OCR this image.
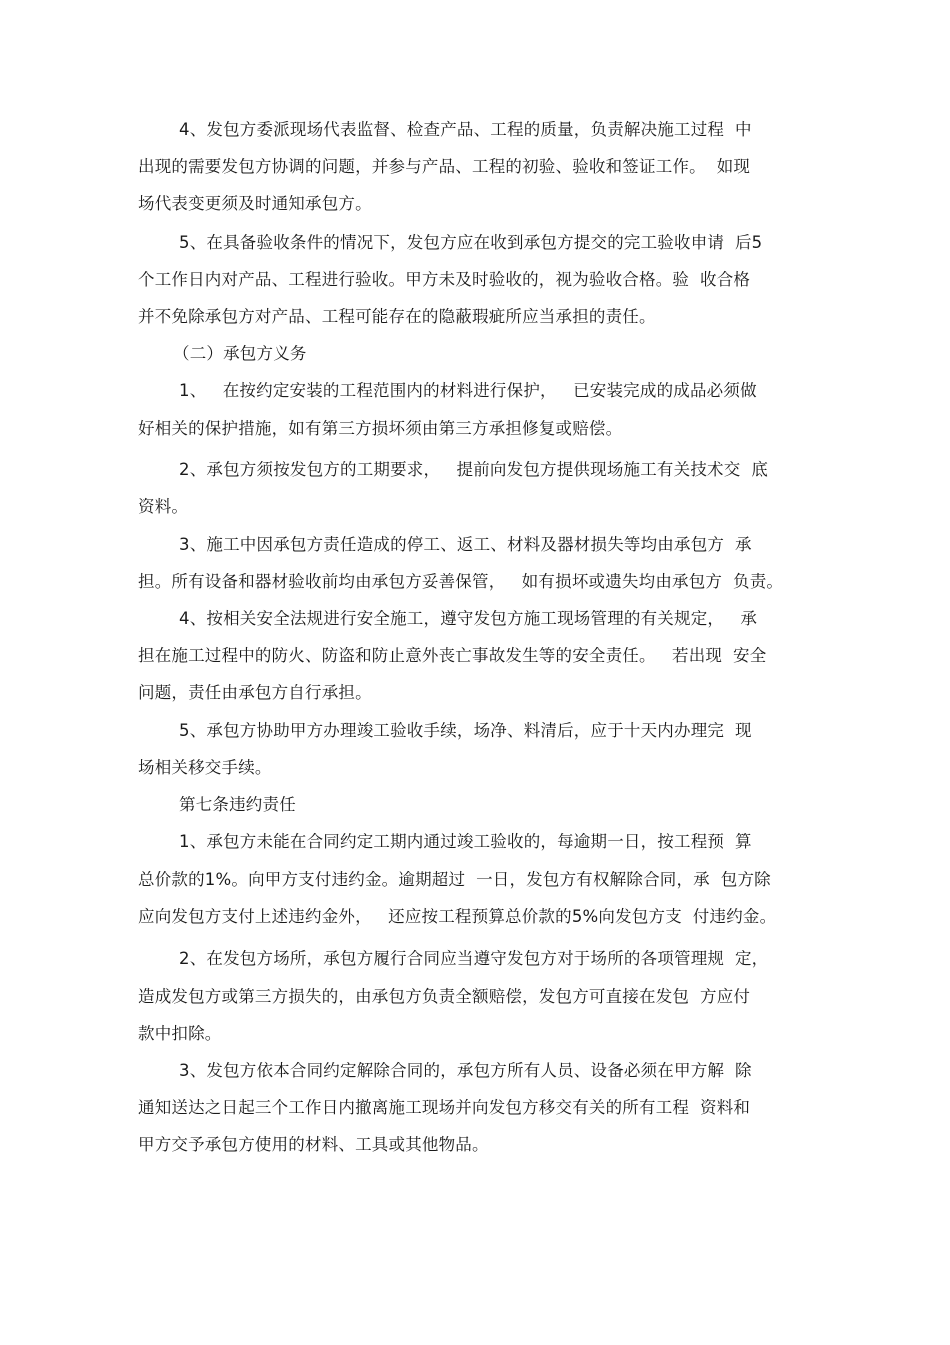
4、发包方委派现场代表监督、检查产品、工程的质量，负责解决施工过程  中
出现的需要发包方协调的问题，并参与产品、工程的初验、验收和签证工作。  如现
场代表变更须及时通知承包方。
5、在具备验收条件的情况下，发包方应在收到承包方提交的完工验收申请  后5
个工作日内对产品、工程进行验收。甲方未及时验收的，视为验收合格。验  收合格
并不免除承包方对产品、工程可能存在的隐蔽瑕疵所应当承担的责任。
（二）承包方义务
1、   在按约定安装的工程范围内的材料进行保护，   已安装完成的成品必须做
好相关的保护措施，如有第三方损坏须由第三方承担修复或赔偿。
2、承包方须按发包方的工期要求，   提前向发包方提供现场施工有关技术交  底
资料。
3、施工中因承包方责任造成的停工、返工、材料及器材损失等均由承包方  承
担。所有设备和器材验收前均由承包方妥善保管，   如有损坏或遗失均由承包方  负责。
4、按相关安全法规进行安全施工，遵守发包方施工现场管理的有关规定，   承
担在施工过程中的防火、防盗和防止意外丧亡事故发生等的安全责任。   若出现  安全
问题，责任由承包方自行承担。
5、承包方协助甲方办理竣工验收手续，场净、料清后，应于十天内办理完  现
场相关移交手续。
第七条违约责任
1、承包方未能在合同约定工期内通过竣工验收的，每逾期一日，按工程预  算
总价款的1%。向甲方支付违约金。逾期超过  一日，发包方有权解除合同，承  包方除
应向发包方支付上述违约金外，   还应按工程预算总价款的5%向发包方支  付违约金。
2、在发包方场所，承包方履行合同应当遵守发包方对于场所的各项管理规  定，
造成发包方或第三方损失的，由承包方负责全额赔偿，发包方可直接在发包  方应付
款中扣除。
3、发包方依本合同约定解除合同的，承包方所有人员、设备必须在甲方解  除
通知送达之日起三个工作日内撤离施工现场并向发包方移交有关的所有工程  资料和
甲方交予承包方使用的材料、工具或其他物品。
